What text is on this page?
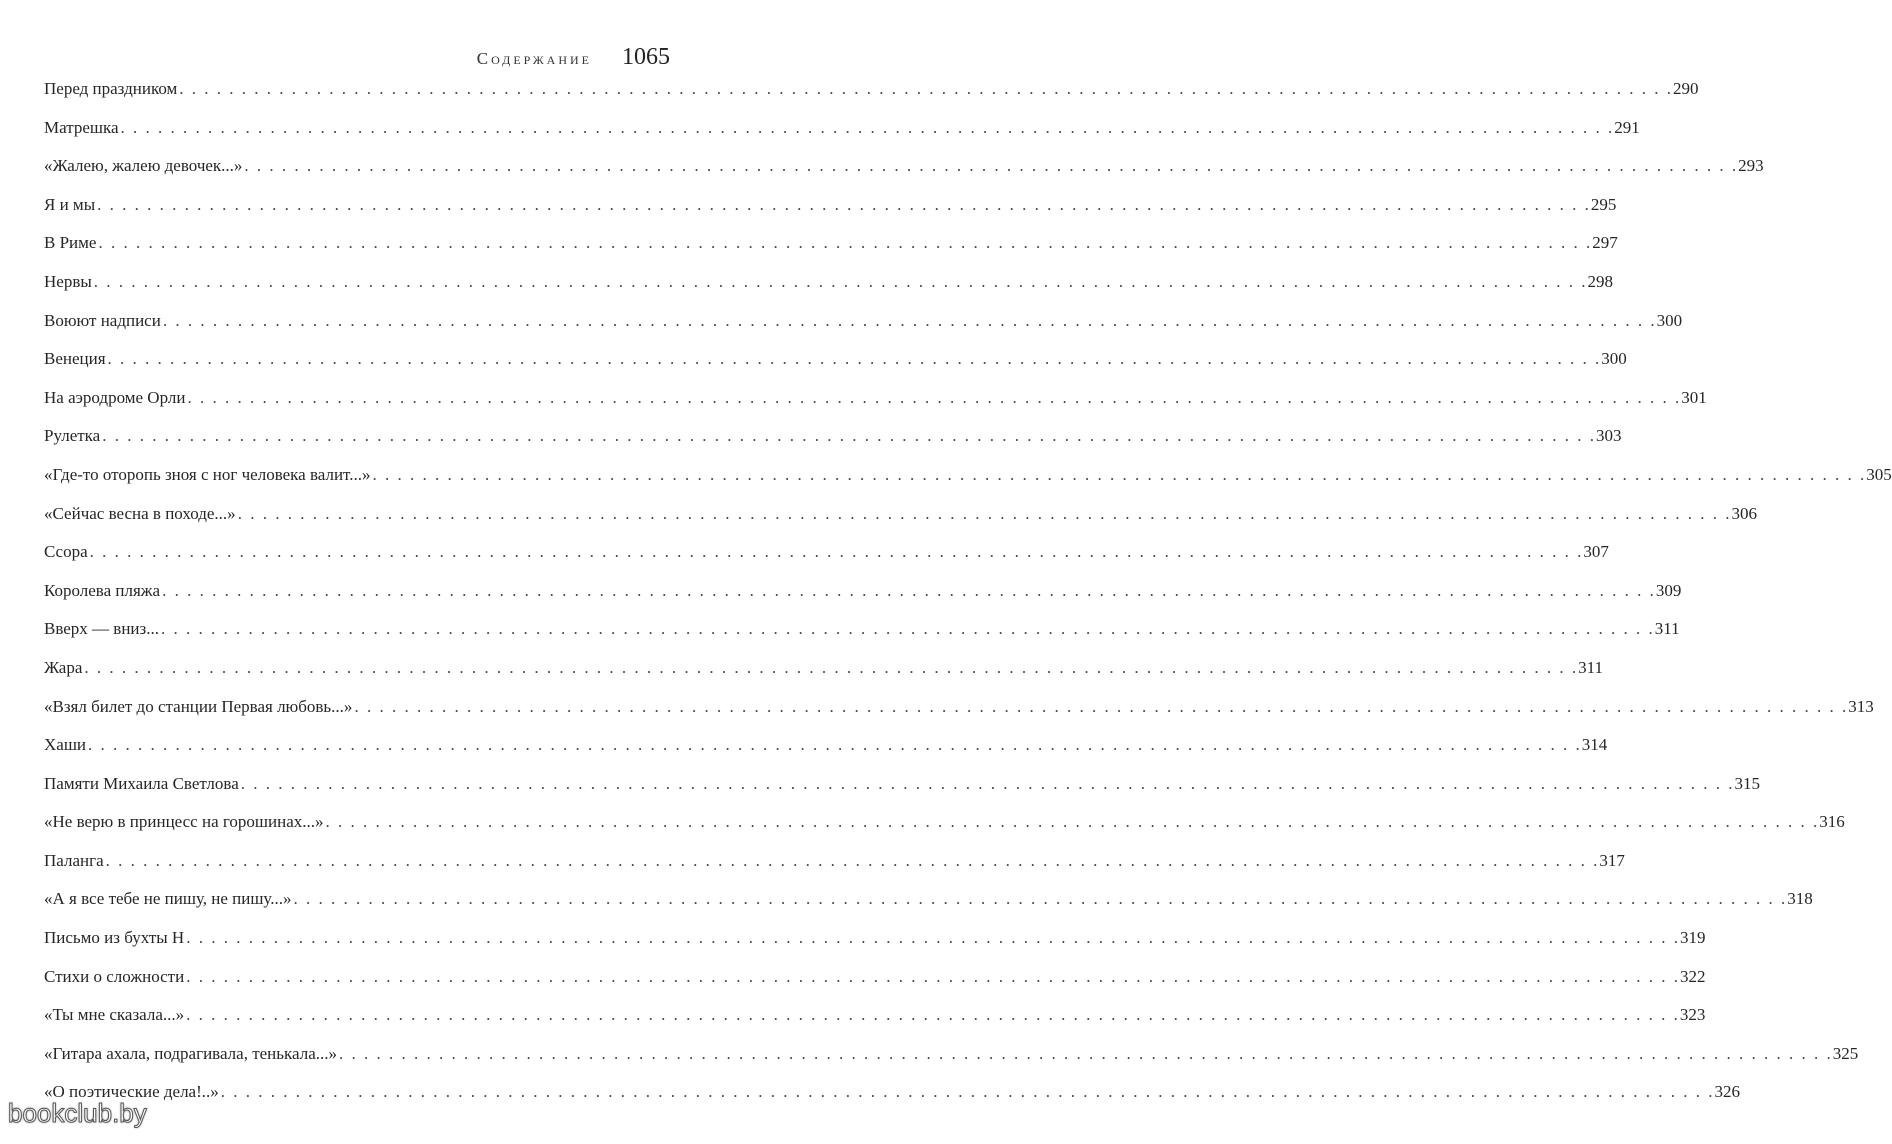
Содержание 1065
Перед праздником . . . . . . . . . . . . . . . . . . . . . . . . . . . . . . . . . . . . . . . . . . . . . . . . . . . . . . . . . . . . . . . . . . . . . . . . . . . . . . . . . . . . . . . . . . . . . . . . . . . . . . . . . . . . . . . . . . . . . . . . 290
Матрешка . . . . . . . . . . . . . . . . . . . . . . . . . . . . . . . . . . . . . . . . . . . . . . . . . . . . . . . . . . . . . . . . . . . . . . . . . . . . . . . . . . . . . . . . . . . . . . . . . . . . . . . . . . . . . . . . . . . . . . . . 291
«Жалею, жалею девочек...» . . . . . . . . . . . . . . . . . . . . . . . . . . . . . . . . . . . . . . . . . . . . . . . . . . . . . . . . . . . . . . . . . . . . . . . . . . . . . . . . . . . . . . . . . . . . . . . . . . . . . . . . . . . . . . . . . . . . . . . . 293
Я и мы . . . . . . . . . . . . . . . . . . . . . . . . . . . . . . . . . . . . . . . . . . . . . . . . . . . . . . . . . . . . . . . . . . . . . . . . . . . . . . . . . . . . . . . . . . . . . . . . . . . . . . . . . . . . . . . . . . . . . . . . 295
В Риме . . . . . . . . . . . . . . . . . . . . . . . . . . . . . . . . . . . . . . . . . . . . . . . . . . . . . . . . . . . . . . . . . . . . . . . . . . . . . . . . . . . . . . . . . . . . . . . . . . . . . . . . . . . . . . . . . . . . . . . . 297
Нервы . . . . . . . . . . . . . . . . . . . . . . . . . . . . . . . . . . . . . . . . . . . . . . . . . . . . . . . . . . . . . . . . . . . . . . . . . . . . . . . . . . . . . . . . . . . . . . . . . . . . . . . . . . . . . . . . . . . . . . . . 298
Воюют надписи . . . . . . . . . . . . . . . . . . . . . . . . . . . . . . . . . . . . . . . . . . . . . . . . . . . . . . . . . . . . . . . . . . . . . . . . . . . . . . . . . . . . . . . . . . . . . . . . . . . . . . . . . . . . . . . . . . . . . . . . 300
Венеция . . . . . . . . . . . . . . . . . . . . . . . . . . . . . . . . . . . . . . . . . . . . . . . . . . . . . . . . . . . . . . . . . . . . . . . . . . . . . . . . . . . . . . . . . . . . . . . . . . . . . . . . . . . . . . . . . . . . . . . . 300
На аэродроме Орли . . . . . . . . . . . . . . . . . . . . . . . . . . . . . . . . . . . . . . . . . . . . . . . . . . . . . . . . . . . . . . . . . . . . . . . . . . . . . . . . . . . . . . . . . . . . . . . . . . . . . . . . . . . . . . . . . . . . . . . . 301
Рулетка . . . . . . . . . . . . . . . . . . . . . . . . . . . . . . . . . . . . . . . . . . . . . . . . . . . . . . . . . . . . . . . . . . . . . . . . . . . . . . . . . . . . . . . . . . . . . . . . . . . . . . . . . . . . . . . . . . . . . . . . 303
«Где-то оторопь зноя с ног человека валит...» . . . . . . . . . . . . . . . . . . . . . . . . . . . . . . . . . . . . . . . . . . . . . . . . . . . . . . . . . . . . . . . . . . . . . . . . . . . . . . . . . . . . . . . . . . . . . . . . . . . . . . . . . . . . . . . . . . . . . . . . 305
«Сейчас весна в походе...» . . . . . . . . . . . . . . . . . . . . . . . . . . . . . . . . . . . . . . . . . . . . . . . . . . . . . . . . . . . . . . . . . . . . . . . . . . . . . . . . . . . . . . . . . . . . . . . . . . . . . . . . . . . . . . . . . . . . . . . . 306
Ссора . . . . . . . . . . . . . . . . . . . . . . . . . . . . . . . . . . . . . . . . . . . . . . . . . . . . . . . . . . . . . . . . . . . . . . . . . . . . . . . . . . . . . . . . . . . . . . . . . . . . . . . . . . . . . . . . . . . . . . . . 307
Королева пляжа . . . . . . . . . . . . . . . . . . . . . . . . . . . . . . . . . . . . . . . . . . . . . . . . . . . . . . . . . . . . . . . . . . . . . . . . . . . . . . . . . . . . . . . . . . . . . . . . . . . . . . . . . . . . . . . . . . . . . . . . 309
Вверх — вниз... . . . . . . . . . . . . . . . . . . . . . . . . . . . . . . . . . . . . . . . . . . . . . . . . . . . . . . . . . . . . . . . . . . . . . . . . . . . . . . . . . . . . . . . . . . . . . . . . . . . . . . . . . . . . . . . . . . . . . . . . 311
Жара . . . . . . . . . . . . . . . . . . . . . . . . . . . . . . . . . . . . . . . . . . . . . . . . . . . . . . . . . . . . . . . . . . . . . . . . . . . . . . . . . . . . . . . . . . . . . . . . . . . . . . . . . . . . . . . . . . . . . . . . 311
«Взял билет до станции Первая любовь...» . . . . . . . . . . . . . . . . . . . . . . . . . . . . . . . . . . . . . . . . . . . . . . . . . . . . . . . . . . . . . . . . . . . . . . . . . . . . . . . . . . . . . . . . . . . . . . . . . . . . . . . . . . . . . . . . . . . . . . . . 313
Хаши . . . . . . . . . . . . . . . . . . . . . . . . . . . . . . . . . . . . . . . . . . . . . . . . . . . . . . . . . . . . . . . . . . . . . . . . . . . . . . . . . . . . . . . . . . . . . . . . . . . . . . . . . . . . . . . . . . . . . . . . 314
Памяти Михаила Светлова . . . . . . . . . . . . . . . . . . . . . . . . . . . . . . . . . . . . . . . . . . . . . . . . . . . . . . . . . . . . . . . . . . . . . . . . . . . . . . . . . . . . . . . . . . . . . . . . . . . . . . . . . . . . . . . . . . . . . . . . 315
«Не верю в принцесс на горошинах...» . . . . . . . . . . . . . . . . . . . . . . . . . . . . . . . . . . . . . . . . . . . . . . . . . . . . . . . . . . . . . . . . . . . . . . . . . . . . . . . . . . . . . . . . . . . . . . . . . . . . . . . . . . . . . . . . . . . . . . . . 316
Паланга . . . . . . . . . . . . . . . . . . . . . . . . . . . . . . . . . . . . . . . . . . . . . . . . . . . . . . . . . . . . . . . . . . . . . . . . . . . . . . . . . . . . . . . . . . . . . . . . . . . . . . . . . . . . . . . . . . . . . . . . 317
«А я все тебе не пишу, не пишу...» . . . . . . . . . . . . . . . . . . . . . . . . . . . . . . . . . . . . . . . . . . . . . . . . . . . . . . . . . . . . . . . . . . . . . . . . . . . . . . . . . . . . . . . . . . . . . . . . . . . . . . . . . . . . . . . . . . . . . . . . 318
Письмо из бухты Н . . . . . . . . . . . . . . . . . . . . . . . . . . . . . . . . . . . . . . . . . . . . . . . . . . . . . . . . . . . . . . . . . . . . . . . . . . . . . . . . . . . . . . . . . . . . . . . . . . . . . . . . . . . . . . . . . . . . . . . . 319
Стихи о сложности . . . . . . . . . . . . . . . . . . . . . . . . . . . . . . . . . . . . . . . . . . . . . . . . . . . . . . . . . . . . . . . . . . . . . . . . . . . . . . . . . . . . . . . . . . . . . . . . . . . . . . . . . . . . . . . . . . . . . . . . 322
«Ты мне сказала...» . . . . . . . . . . . . . . . . . . . . . . . . . . . . . . . . . . . . . . . . . . . . . . . . . . . . . . . . . . . . . . . . . . . . . . . . . . . . . . . . . . . . . . . . . . . . . . . . . . . . . . . . . . . . . . . . . . . . . . . . 323
«Гитара ахала, подрагивала, тенькала...» . . . . . . . . . . . . . . . . . . . . . . . . . . . . . . . . . . . . . . . . . . . . . . . . . . . . . . . . . . . . . . . . . . . . . . . . . . . . . . . . . . . . . . . . . . . . . . . . . . . . . . . . . . . . . . . . . . . . . . . . 325
«О поэтические дела!..» . . . . . . . . . . . . . . . . . . . . . . . . . . . . . . . . . . . . . . . . . . . . . . . . . . . . . . . . . . . . . . . . . . . . . . . . . . . . . . . . . . . . . . . . . . . . . . . . . . . . . . . . . . . . . . . . . . . . . . . . 326
bookclub.by
